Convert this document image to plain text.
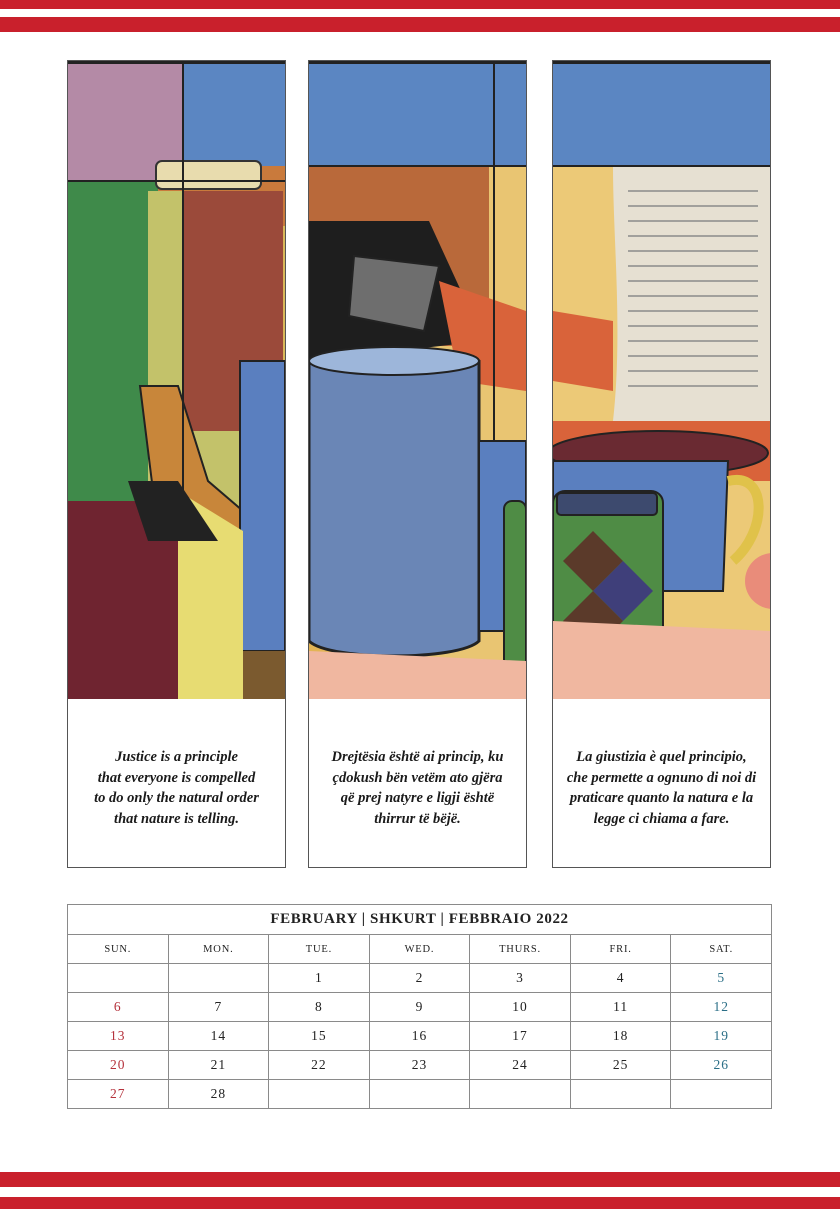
Justice is a principle
that everyone is compelled
to do only the natural order
that nature is telling.
Drejtësia është ai princip, ku
çdokush bën vetëm ato gjëra
që prej natyre e ligji është
thirrur të bëjë.
La giustizia è quel principio,
che permette a ognuno di noi di
praticare quanto la natura e la
legge ci chiama a fare.
FEBRUARY | SHKURT | FEBBRAIO 2022						
SUN.	MON.	TUE.	WED.	THURS.	FRI.	SAT.
		1	2	3	4	5
6	7	8	9	10	11	12
13	14	15	16	17	18	19
20	21	22	23	24	25	26
27	28					
